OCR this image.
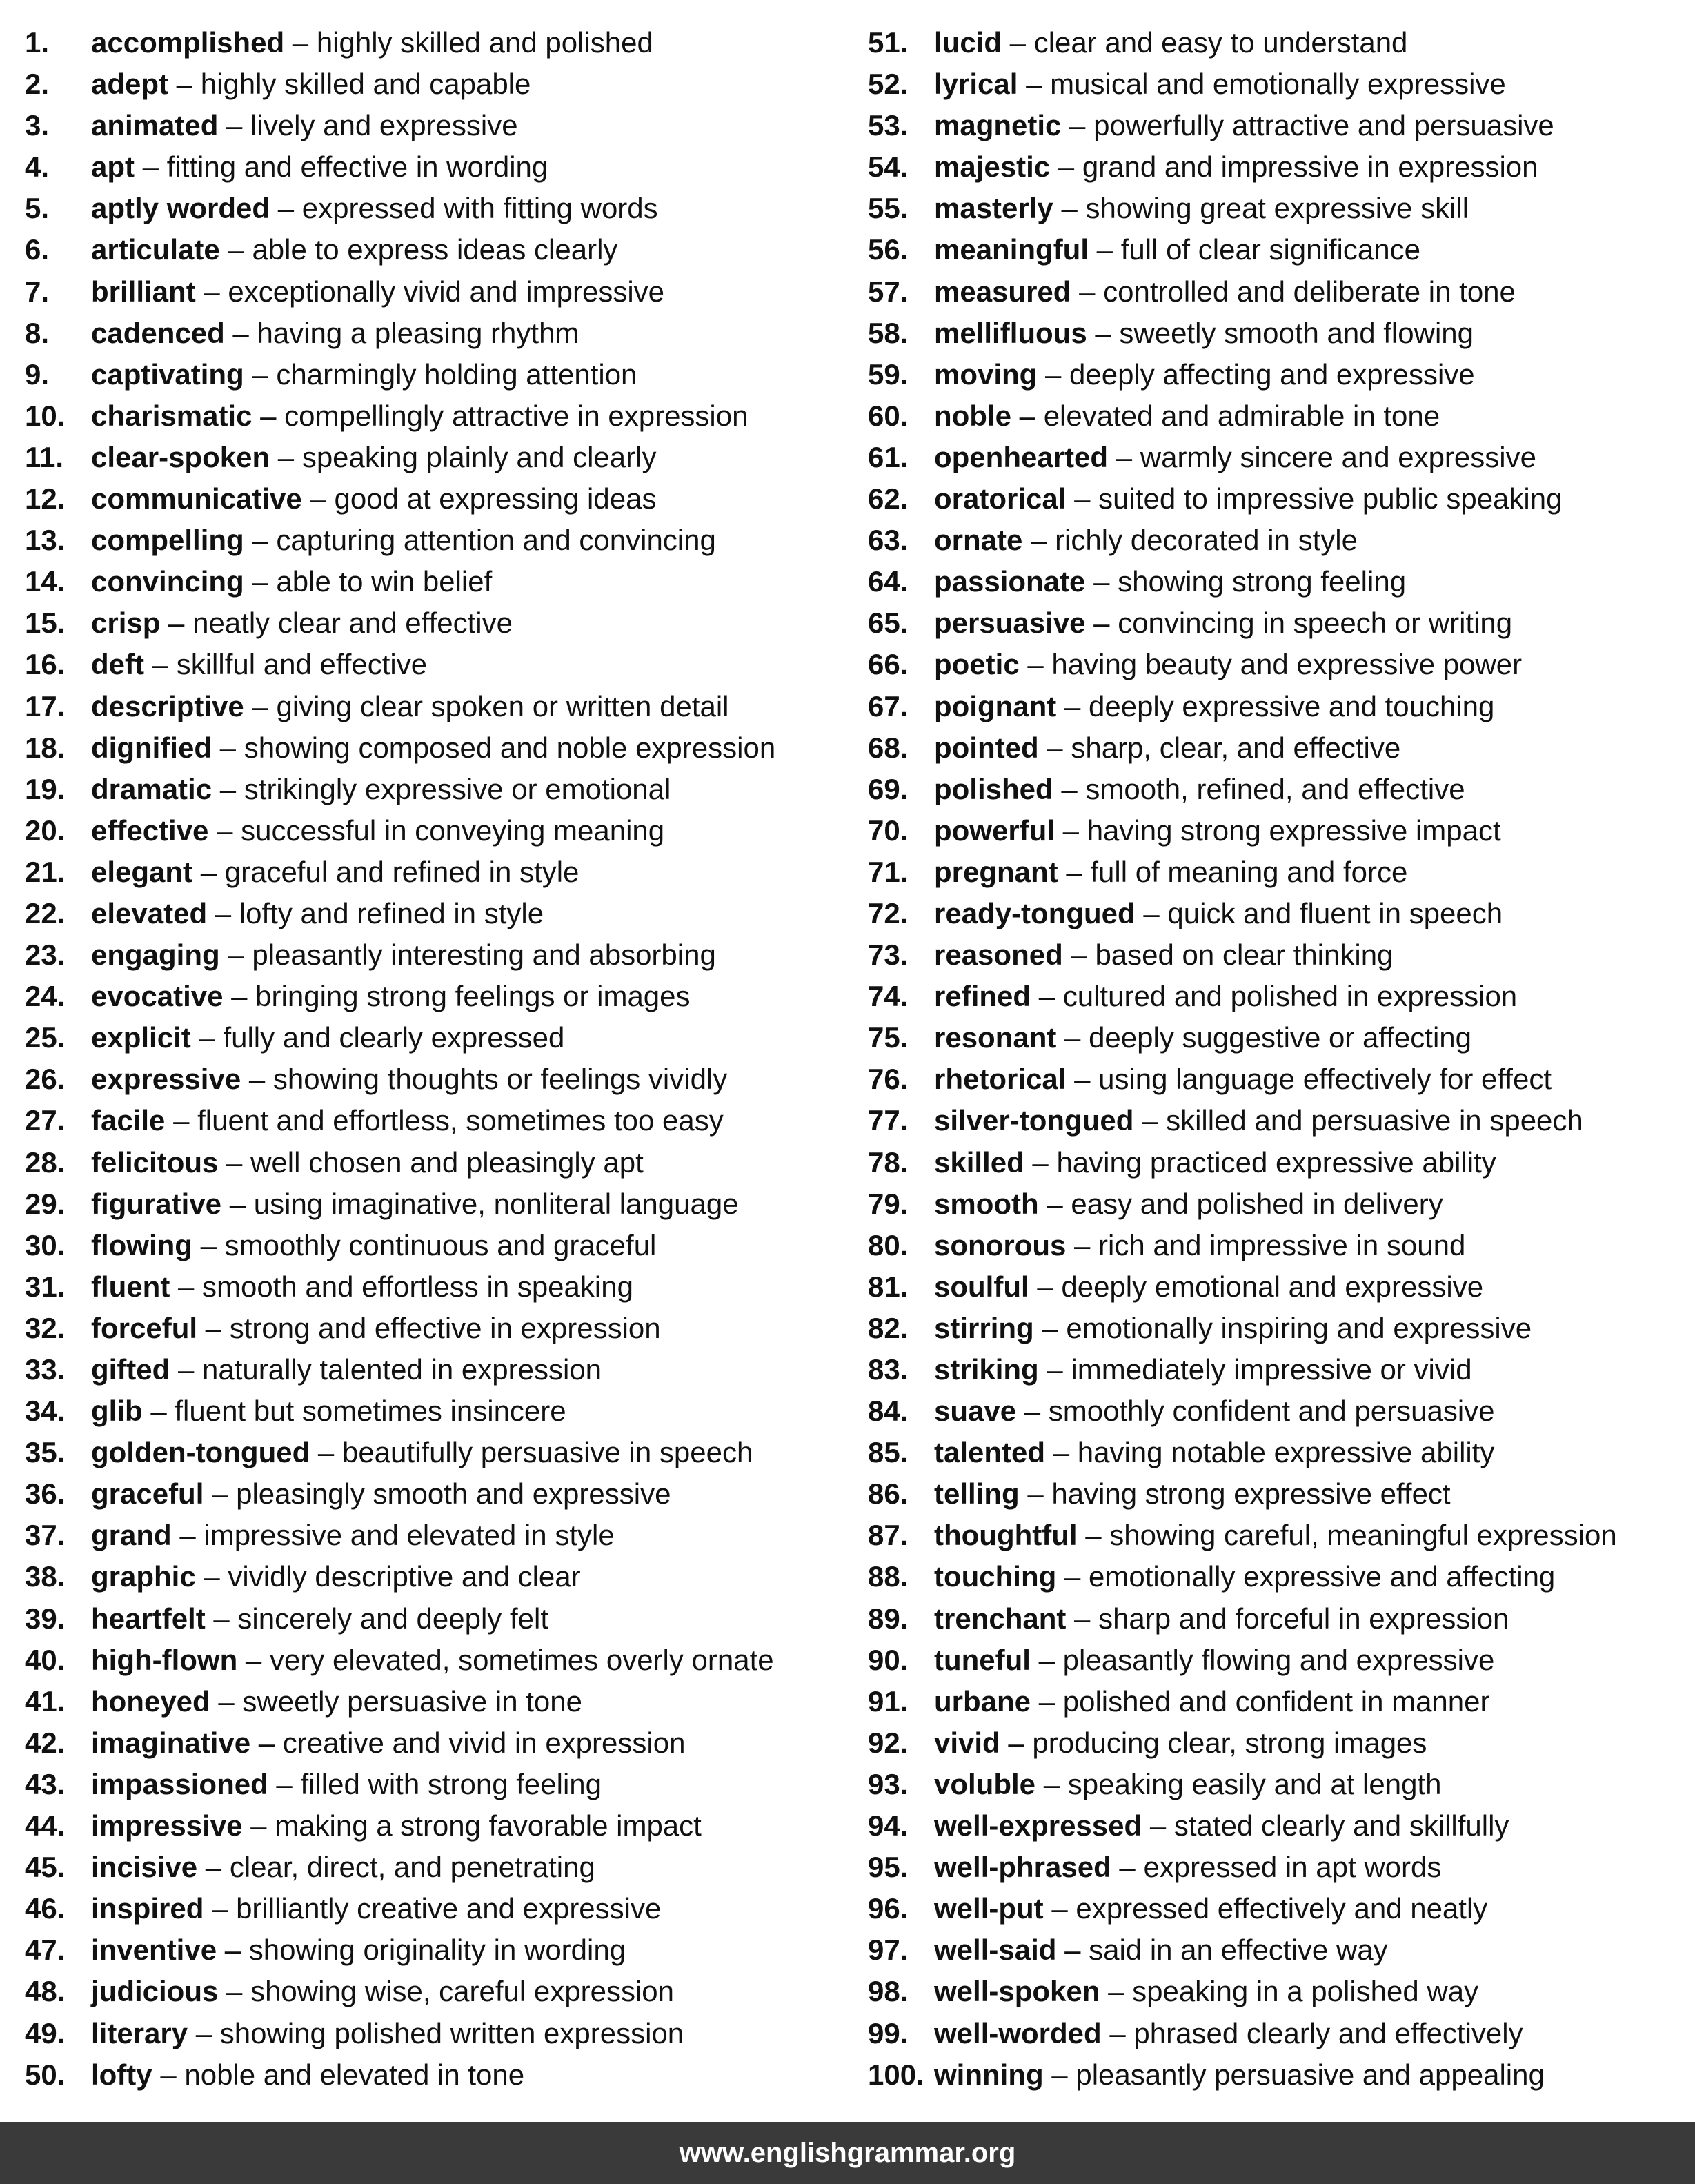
1. accomplished – highly skilled and polished
2. adept – highly skilled and capable
3. animated – lively and expressive
4. apt – fitting and effective in wording
5. aptly worded – expressed with fitting words
6. articulate – able to express ideas clearly
7. brilliant – exceptionally vivid and impressive
8. cadenced – having a pleasing rhythm
9. captivating – charmingly holding attention
10. charismatic – compellingly attractive in expression
11. clear-spoken – speaking plainly and clearly
12. communicative – good at expressing ideas
13. compelling – capturing attention and convincing
14. convincing – able to win belief
15. crisp – neatly clear and effective
16. deft – skillful and effective
17. descriptive – giving clear spoken or written detail
18. dignified – showing composed and noble expression
19. dramatic – strikingly expressive or emotional
20. effective – successful in conveying meaning
21. elegant – graceful and refined in style
22. elevated – lofty and refined in style
23. engaging – pleasantly interesting and absorbing
24. evocative – bringing strong feelings or images
25. explicit – fully and clearly expressed
26. expressive – showing thoughts or feelings vividly
27. facile – fluent and effortless, sometimes too easy
28. felicitous – well chosen and pleasingly apt
29. figurative – using imaginative, nonliteral language
30. flowing – smoothly continuous and graceful
31. fluent – smooth and effortless in speaking
32. forceful – strong and effective in expression
33. gifted – naturally talented in expression
34. glib – fluent but sometimes insincere
35. golden-tongued – beautifully persuasive in speech
36. graceful – pleasingly smooth and expressive
37. grand – impressive and elevated in style
38. graphic – vividly descriptive and clear
39. heartfelt – sincerely and deeply felt
40. high-flown – very elevated, sometimes overly ornate
41. honeyed – sweetly persuasive in tone
42. imaginative – creative and vivid in expression
43. impassioned – filled with strong feeling
44. impressive – making a strong favorable impact
45. incisive – clear, direct, and penetrating
46. inspired – brilliantly creative and expressive
47. inventive – showing originality in wording
48. judicious – showing wise, careful expression
49. literary – showing polished written expression
50. lofty – noble and elevated in tone
51. lucid – clear and easy to understand
52. lyrical – musical and emotionally expressive
53. magnetic – powerfully attractive and persuasive
54. majestic – grand and impressive in expression
55. masterly – showing great expressive skill
56. meaningful – full of clear significance
57. measured – controlled and deliberate in tone
58. mellifluous – sweetly smooth and flowing
59. moving – deeply affecting and expressive
60. noble – elevated and admirable in tone
61. openhearted – warmly sincere and expressive
62. oratorical – suited to impressive public speaking
63. ornate – richly decorated in style
64. passionate – showing strong feeling
65. persuasive – convincing in speech or writing
66. poetic – having beauty and expressive power
67. poignant – deeply expressive and touching
68. pointed – sharp, clear, and effective
69. polished – smooth, refined, and effective
70. powerful – having strong expressive impact
71. pregnant – full of meaning and force
72. ready-tongued – quick and fluent in speech
73. reasoned – based on clear thinking
74. refined – cultured and polished in expression
75. resonant – deeply suggestive or affecting
76. rhetorical – using language effectively for effect
77. silver-tongued – skilled and persuasive in speech
78. skilled – having practiced expressive ability
79. smooth – easy and polished in delivery
80. sonorous – rich and impressive in sound
81. soulful – deeply emotional and expressive
82. stirring – emotionally inspiring and expressive
83. striking – immediately impressive or vivid
84. suave – smoothly confident and persuasive
85. talented – having notable expressive ability
86. telling – having strong expressive effect
87. thoughtful – showing careful, meaningful expression
88. touching – emotionally expressive and affecting
89. trenchant – sharp and forceful in expression
90. tuneful – pleasantly flowing and expressive
91. urbane – polished and confident in manner
92. vivid – producing clear, strong images
93. voluble – speaking easily and at length
94. well-expressed – stated clearly and skillfully
95. well-phrased – expressed in apt words
96. well-put – expressed effectively and neatly
97. well-said – said in an effective way
98. well-spoken – speaking in a polished way
99. well-worded – phrased clearly and effectively
100. winning – pleasantly persuasive and appealing
www.englishgrammar.org
